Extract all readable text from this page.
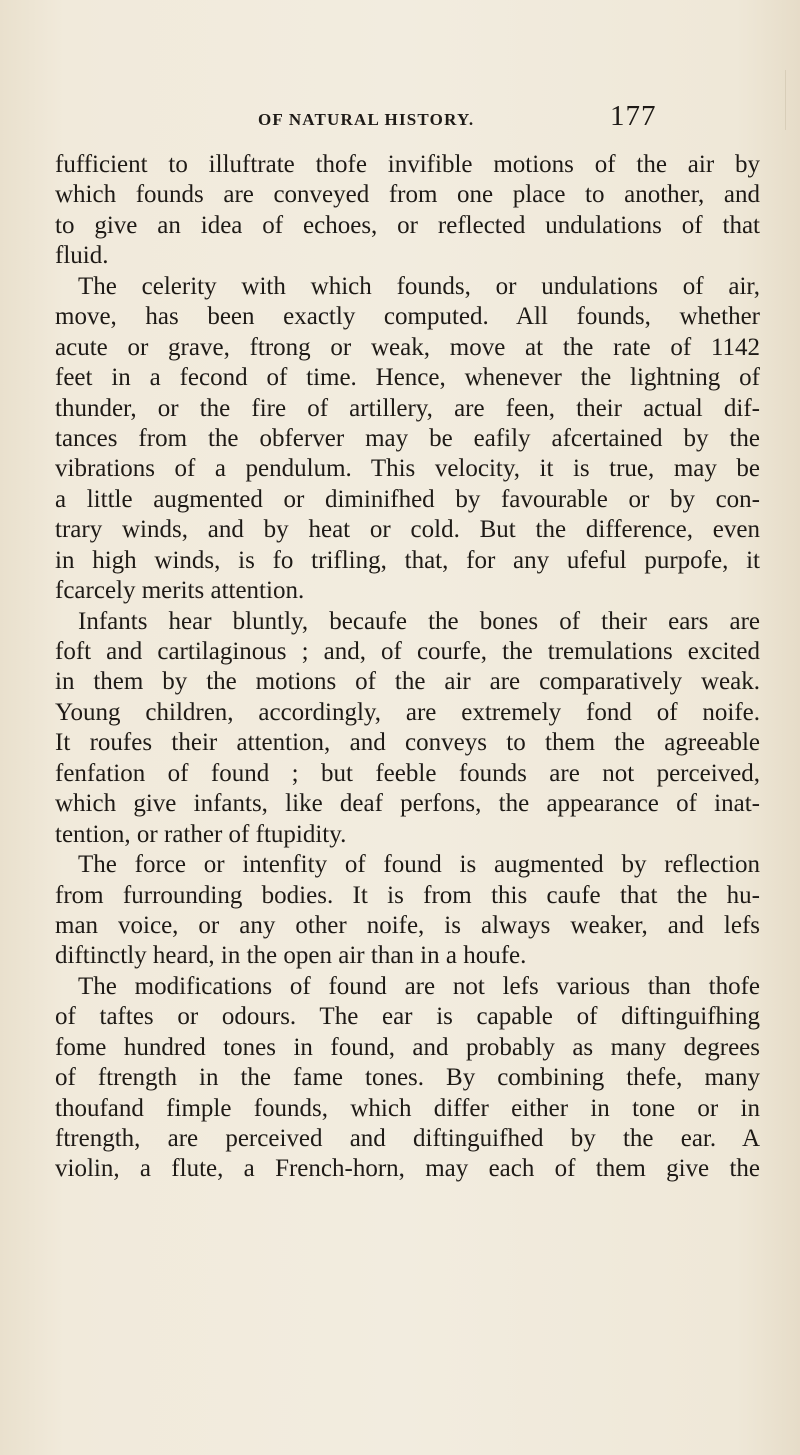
OF NATURAL HISTORY.	177
fufficient to illuftrate thofe invifible motions of the air by
which founds are conveyed from one place to another, and
to give an idea of echoes, or reflected undulations of that
fluid.
The celerity with which founds, or undulations of air,
move, has been exactly computed. All founds, whether
acute or grave, ftrong or weak, move at the rate of 1142
feet in a fecond of time. Hence, whenever the lightning of
thunder, or the fire of artillery, are feen, their actual dif-
tances from the obferver may be eafily afcertained by the
vibrations of a pendulum. This velocity, it is true, may be
a little augmented or diminifhed by favourable or by con-
trary winds, and by heat or cold. But the difference, even
in high winds, is fo trifling, that, for any ufeful purpofe, it
fcarcely merits attention.
Infants hear bluntly, becaufe the bones of their ears are
foft and cartilaginous ; and, of courfe, the tremulations excited
in them by the motions of the air are comparatively weak.
Young children, accordingly, are extremely fond of noife.
It roufes their attention, and conveys to them the agreeable
fenfation of found ; but feeble founds are not perceived,
which give infants, like deaf perfons, the appearance of inat-
tention, or rather of ftupidity.
The force or intenfity of found is augmented by reflection
from furrounding bodies. It is from this caufe that the hu-
man voice, or any other noife, is always weaker, and lefs
diftinctly heard, in the open air than in a houfe.
The modifications of found are not lefs various than thofe
of taftes or odours. The ear is capable of diftinguifhing
fome hundred tones in found, and probably as many degrees
of ftrength in the fame tones. By combining thefe, many
thoufand fimple founds, which differ either in tone or in
ftrength, are perceived and diftinguifhed by the ear. A
violin, a flute, a French-horn, may each of them give the
